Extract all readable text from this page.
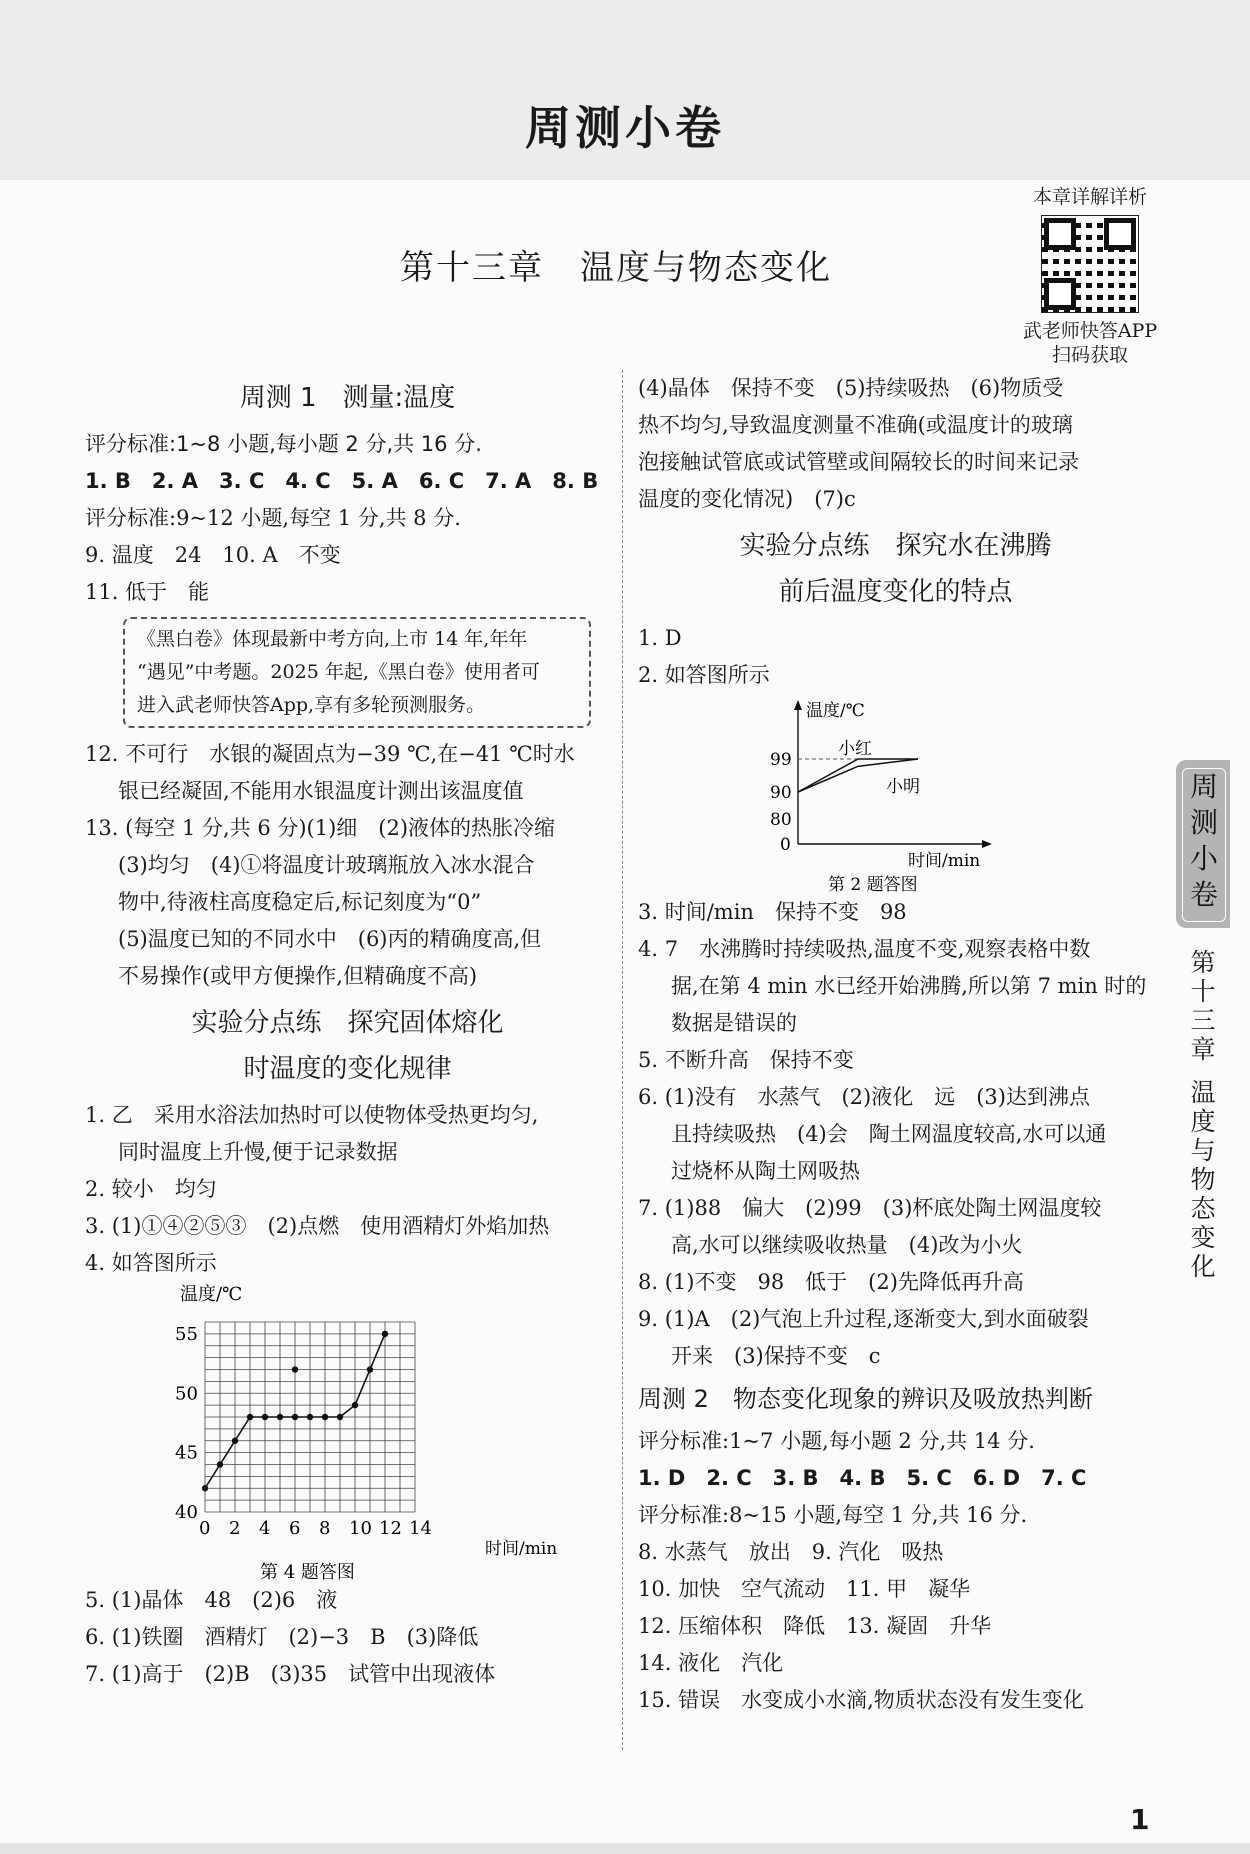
周测小卷
第十三章　温度与物态变化
本章详解详析
武老师快答APP
扫码获取
周测 1　测量:温度
评分标准:1~8 小题,每小题 2 分,共 16 分.
1. B　2. A　3. C　4. C　5. A　6. C　7. A　8. B
评分标准:9~12 小题,每空 1 分,共 8 分.
9. 温度　24　10. A　不变
11. 低于　能
《黑白卷》体现最新中考方向,上市 14 年,年年
“遇见”中考题。2025 年起,《黑白卷》使用者可
进入武老师快答App,享有多轮预测服务。
12. 不可行　水银的凝固点为−39 ℃,在−41 ℃时水
银已经凝固,不能用水银温度计测出该温度值
13. (每空 1 分,共 6 分)(1)细　(2)液体的热胀冷缩
(3)均匀　(4)①将温度计玻璃瓶放入冰水混合
物中,待液柱高度稳定后,标记刻度为“0”
(5)温度已知的不同水中　(6)丙的精确度高,但
不易操作(或甲方便操作,但精确度不高)
实验分点练　探究固体熔化
时温度的变化规律
1. 乙　采用水浴法加热时可以使物体受热更均匀,
同时温度上升慢,便于记录数据
2. 较小　均匀
3. (1)①④②⑤③　(2)点燃　使用酒精灯外焰加热
4. 如答图所示
温度/℃
40
45
50
55
0 2 4 6 8 10 12 14
时间/min
第 4 题答图
5. (1)晶体　48　(2)6　液
6. (1)铁圈　酒精灯　(2)−3　B　(3)降低
7. (1)高于　(2)B　(3)35　试管中出现液体
(4)晶体　保持不变　(5)持续吸热　(6)物质受
热不均匀,导致温度测量不准确(或温度计的玻璃
泡接触试管底或试管壁或间隔较长的时间来记录
温度的变化情况)　(7)c
实验分点练　探究水在沸腾
前后温度变化的特点
1. D
2. 如答图所示
温度/℃
0
80
90
99
小红
小明
时间/min
第 2 题答图
3. 时间/min　保持不变　98
4. 7　水沸腾时持续吸热,温度不变,观察表格中数
据,在第 4 min 水已经开始沸腾,所以第 7 min 时的
数据是错误的
5. 不断升高　保持不变
6. (1)没有　水蒸气　(2)液化　远　(3)达到沸点
且持续吸热　(4)会　陶土网温度较高,水可以通
过烧杯从陶土网吸热
7. (1)88　偏大　(2)99　(3)杯底处陶土网温度较
高,水可以继续吸收热量　(4)改为小火
8. (1)不变　98　低于　(2)先降低再升高
9. (1)A　(2)气泡上升过程,逐渐变大,到水面破裂
开来　(3)保持不变　c
周测 2　物态变化现象的辨识及吸放热判断
评分标准:1~7 小题,每小题 2 分,共 14 分.
1. D　2. C　3. B　4. B　5. C　6. D　7. C
评分标准:8~15 小题,每空 1 分,共 16 分.
8. 水蒸气　放出　9. 汽化　吸热
10. 加快　空气流动　11. 甲　凝华
12. 压缩体积　降低　13. 凝固　升华
14. 液化　汽化
15. 错误　水变成小水滴,物质状态没有发生变化
周
测
小
卷
第
十
三
章
温
度
与
物
态
变
化
1
